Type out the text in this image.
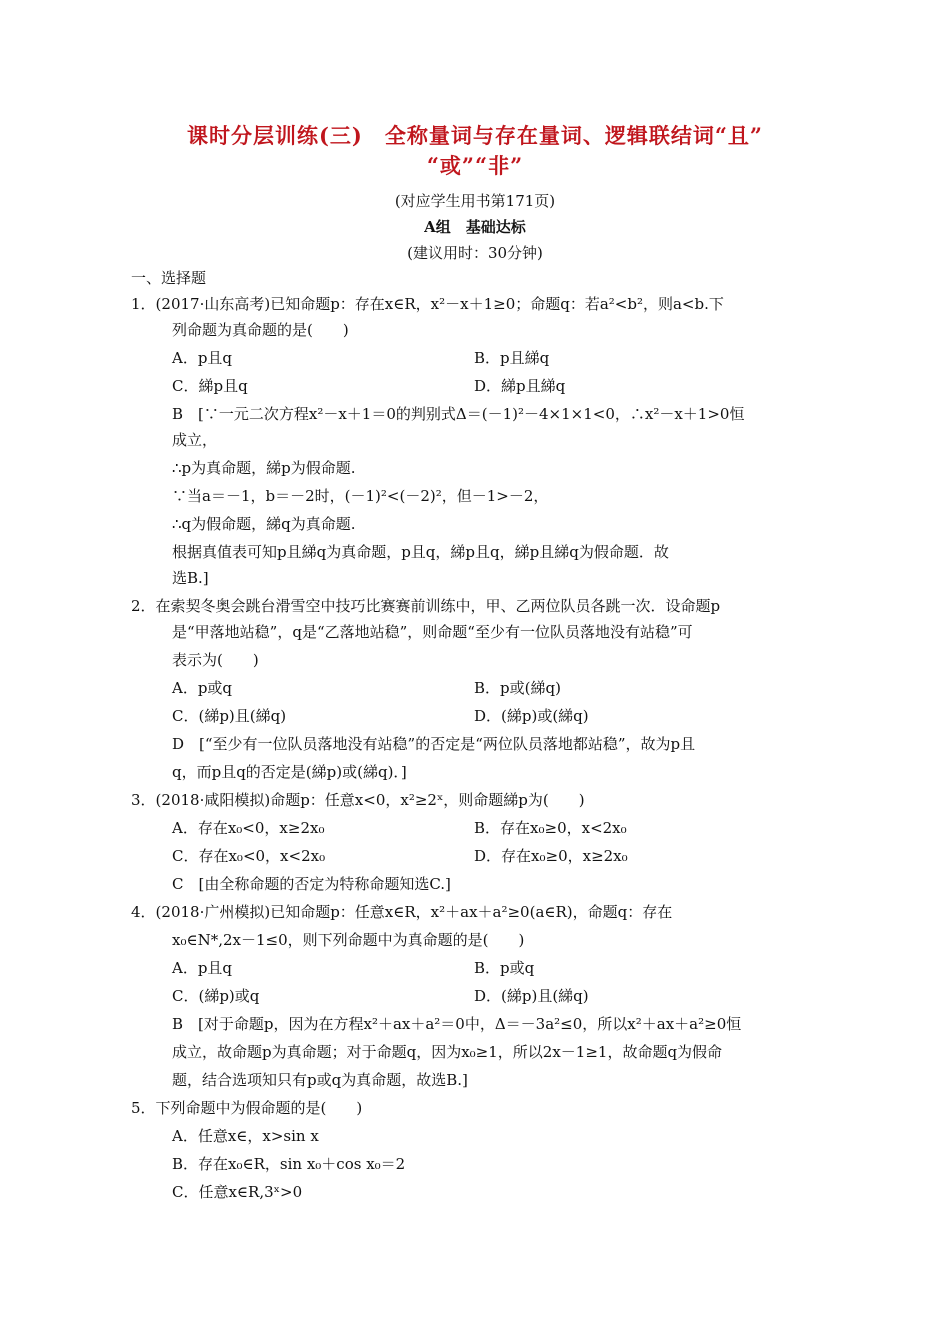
课时分层训练(三)　全称量词与存在量词、逻辑联结词“且”
“或”“非”
(对应学生用书第171页)
A组　基础达标
(建议用时：30分钟)
一、选择题
1．(2017·山东高考)已知命题p：存在x∈R，x²－x＋1≥0；命题q：若a²<b²，则a<b.下
列命题为真命题的是(　　)
A．p且q	B．p且綈q
C．綈p且q	D．綈p且綈q
B　[∵一元二次方程x²－x＋1＝0的判别式Δ＝(－1)²－4×1×1<0，∴x²－x＋1>0恒
成立，
∴p为真命题，綈p为假命题.
∵当a＝－1，b＝－2时，(－1)²<(－2)²，但－1>－2，
∴q为假命题，綈q为真命题.
根据真值表可知p且綈q为真命题，p且q，綈p且q，綈p且綈q为假命题．故
选B.]
2．在索契冬奥会跳台滑雪空中技巧比赛赛前训练中，甲、乙两位队员各跳一次．设命题p
是“甲落地站稳”，q是“乙落地站稳”，则命题“至少有一位队员落地没有站稳”可
表示为(　　)
A．p或q	B．p或(綈q)
C．(綈p)且(綈q)	D．(綈p)或(綈q)
D　[“至少有一位队员落地没有站稳”的否定是“两位队员落地都站稳”，故为p且
q，而p且q的否定是(綈p)或(綈q)．]
3．(2018·咸阳模拟)命题p：任意x<0，x²≥2ˣ，则命题綈p为(　　)
A．存在x₀<0，x≥2x₀	B．存在x₀≥0，x<2x₀
C．存在x₀<0，x<2x₀	D．存在x₀≥0，x≥2x₀
C　[由全称命题的否定为特称命题知选C.]
4．(2018·广州模拟)已知命题p：任意x∈R，x²＋ax＋a²≥0(a∈R)，命题q：存在
x₀∈N*,2x－1≤0，则下列命题中为真命题的是(　　)
A．p且q	B．p或q
C．(綈p)或q	D．(綈p)且(綈q)
B　[对于命题p，因为在方程x²＋ax＋a²＝0中，Δ＝－3a²≤0，所以x²＋ax＋a²≥0恒
成立，故命题p为真命题；对于命题q，因为x₀≥1，所以2x－1≥1，故命题q为假命
题，结合选项知只有p或q为真命题，故选B.]
5．下列命题中为假命题的是(　　)
A．任意x∈，x>sin x
B．存在x₀∈R，sin x₀＋cos x₀＝2
C．任意x∈R,3ˣ>0
